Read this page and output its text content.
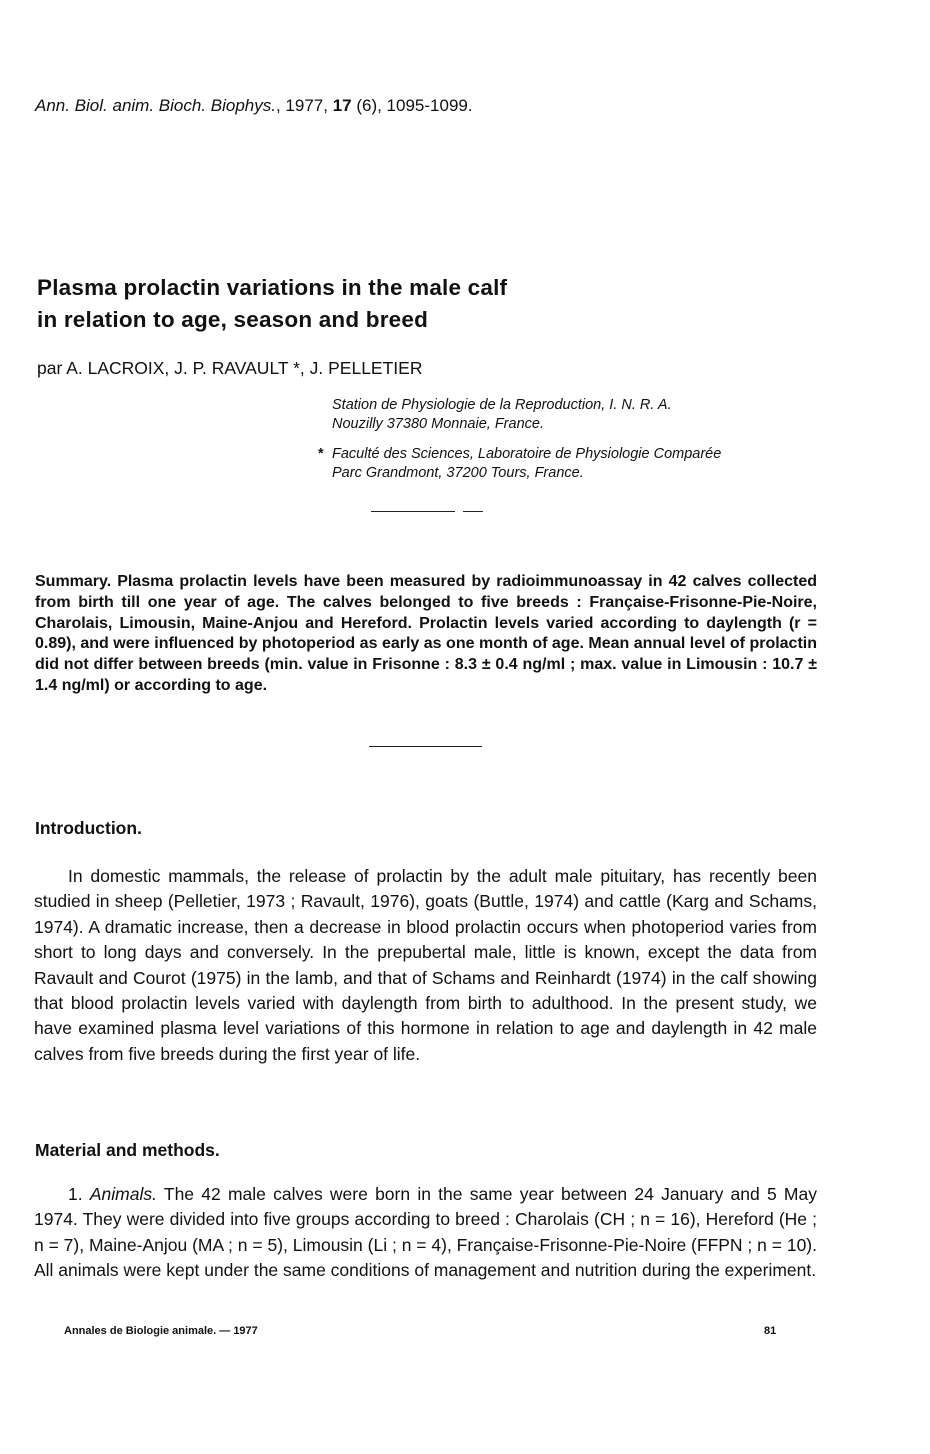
Ann. Biol. anim. Bioch. Biophys., 1977, 17 (6), 1095-1099.
Plasma prolactin variations in the male calf
in relation to age, season and breed
par A. LACROIX, J. P. RAVAULT *, J. PELLETIER
Station de Physiologie de la Reproduction, I. N. R. A.
Nouzilly 37380 Monnaie, France.
* Faculté des Sciences, Laboratoire de Physiologie Comparée
Parc Grandmont, 37200 Tours, France.
Summary. Plasma prolactin levels have been measured by radioimmunoassay in 42 calves collected from birth till one year of age. The calves belonged to five breeds : Française-Frisonne-Pie-Noire, Charolais, Limousin, Maine-Anjou and Hereford. Prolactin levels varied according to daylength (r = 0.89), and were influenced by photoperiod as early as one month of age. Mean annual level of prolactin did not differ between breeds (min. value in Frisonne : 8.3 ± 0.4 ng/ml ; max. value in Limousin : 10.7 ± 1.4 ng/ml) or according to age.
Introduction.

In domestic mammals, the release of prolactin by the adult male pituitary, has recently been studied in sheep (Pelletier, 1973 ; Ravault, 1976), goats (Buttle, 1974) and cattle (Karg and Schams, 1974). A dramatic increase, then a decrease in blood prolactin occurs when photoperiod varies from short to long days and conversely. In the prepubertal male, little is known, except the data from Ravault and Courot (1975) in the lamb, and that of Schams and Reinhardt (1974) in the calf showing that blood prolactin levels varied with daylength from birth to adulthood. In the present study, we have examined plasma level variations of this hormone in relation to age and daylength in 42 male calves from five breeds during the first year of life.

Material and methods.

1. Animals. The 42 male calves were born in the same year between 24 January and 5 May 1974. They were divided into five groups according to breed : Charolais (CH ; n = 16), Hereford (He ; n = 7), Maine-Anjou (MA ; n = 5), Limousin (Li ; n = 4), Française-Frisonne-Pie-Noire (FFPN ; n = 10). All animals were kept under the same conditions of management and nutrition during the experiment.

Annales de Biologie animale. — 1977	81
